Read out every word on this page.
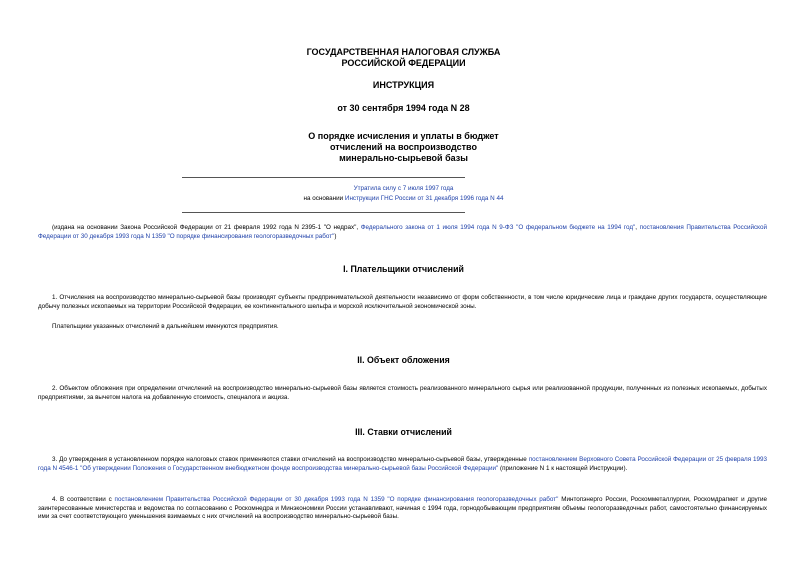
ГОСУДАРСТВЕННАЯ НАЛОГОВАЯ СЛУЖБА
РОССИЙСКОЙ ФЕДЕРАЦИИ
ИНСТРУКЦИЯ
от 30 сентября 1994 года N 28
О порядке исчисления и уплаты в бюджет
отчислений на воспроизводство
минерально-сырьевой базы
Утратила силу с 7 июля 1997 года
на основании Инструкции ГНС России от 31 декабря 1996 года N 44
(издана на основании Закона Российской Федерации от 21 февраля 1992 года N 2395-1 "О недрах", Федерального закона от 1 июля 1994 года N 9-ФЗ "О федеральном бюджете на 1994 год", постановления Правительства Российской Федерации от 30 декабря 1993 года N 1359 "О порядке финансирования геологоразведочных работ")
I. Плательщики отчислений
1. Отчисления на воспроизводство минерально-сырьевой базы производят субъекты предпринимательской деятельности независимо от форм собственности, в том числе юридические лица и граждане других государств, осуществляющие добычу полезных ископаемых на территории Российской Федерации, ее континентального шельфа и морской исключительной экономической зоны.
Плательщики указанных отчислений в дальнейшем именуются предприятия.
II. Объект обложения
2. Объектом обложения при определении отчислений на воспроизводство минерально-сырьевой базы является стоимость реализованного минерального сырья или реализованной продукции, полученных из полезных ископаемых, добытых предприятиями, за вычетом налога на добавленную стоимость, спецналога и акциза.
III. Ставки отчислений
3. До утверждения в установленном порядке налоговых ставок применяются ставки отчислений на воспроизводство минерально-сырьевой базы, утвержденные постановлением Верховного Совета Российской Федерации от 25 февраля 1993 года N 4546-1 "Об утверждении Положения о Государственном внебюджетном фонде воспроизводства минерально-сырьевой базы Российской Федерации" (приложение N 1 к настоящей Инструкции).
4. В соответствии с постановлением Правительства Российской Федерации от 30 декабря 1993 года N 1359 "О порядке финансирования геологоразведочных работ" Минтопэнерго России, Роскомметаллургии, Роскомдрагмет и другие заинтересованные министерства и ведомства по согласованию с Роскомнедра и Минэкономики России устанавливают, начиная с 1994 года, горнодобывающим предприятиям объемы геологоразведочных работ, самостоятельно финансируемых ими за счет соответствующего уменьшения взимаемых с них отчислений на воспроизводство минерально-сырьевой базы.
